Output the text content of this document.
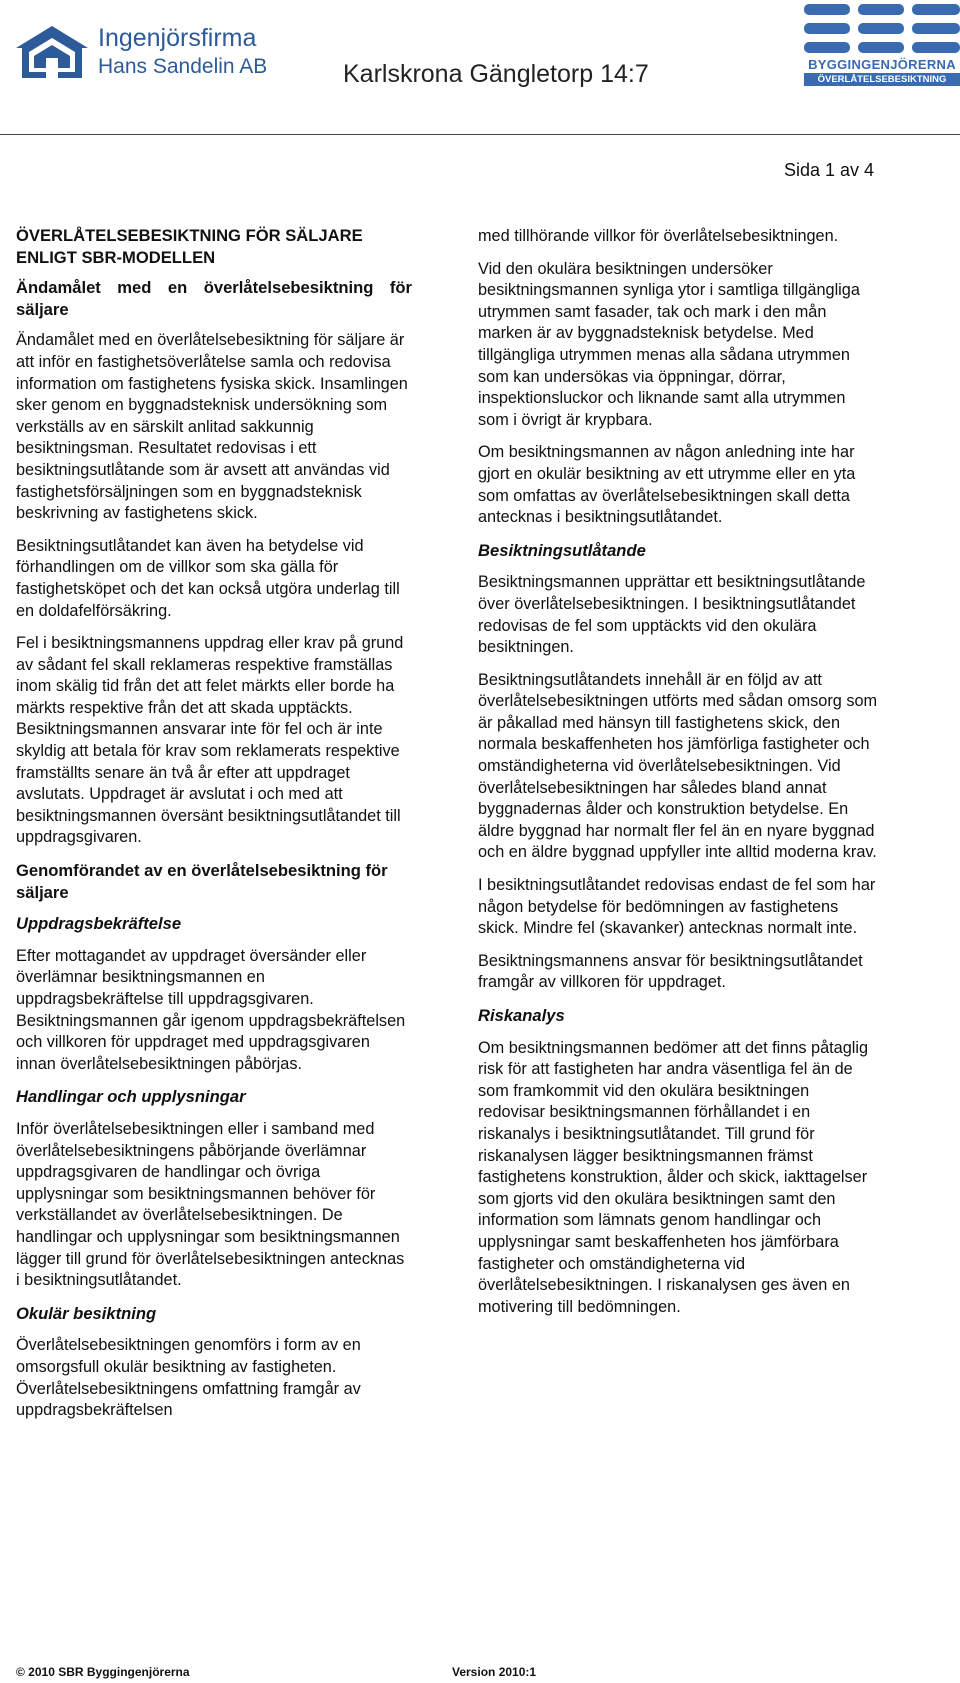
Ingenjörsfirma
Hans Sandelin AB	Karlskrona Gängletorp 14:7	BYGGINGENJÖRERNA
ÖVERLÅTELSEBESIKTNING
Sida 1 av 4
ÖVERLÅTELSEBESIKTNING FÖR SÄLJARE ENLIGT SBR-MODELLEN
Ändamålet med en överlåtelsebesiktning för säljare

Ändamålet med en överlåtelsebesiktning för säljare är att inför en fastighetsöverlåtelse samla och redovisa information om fastighetens fysiska skick. Insamlingen sker genom en byggnadsteknisk undersökning som verkställs av en särskilt anlitad sakkunnig besiktningsman. Resultatet redovisas i ett besiktningsutlåtande som är avsett att användas vid fastighetsförsäljningen som en byggnadsteknisk beskrivning av fastighetens skick.

Besiktningsutlåtandet kan även ha betydelse vid förhandlingen om de villkor som ska gälla för fastighetsköpet och det kan också utgöra underlag till en doldafelförsäkring.

Fel i besiktningsmannens uppdrag eller krav på grund av sådant fel skall reklameras respektive framställas inom skälig tid från det att felet märkts eller borde ha märkts respektive från det att skada upptäckts. Besiktningsmannen ansvarar inte för fel och är inte skyldig att betala för krav som reklamerats respektive framställts senare än två år efter att uppdraget avslutats. Uppdraget är avslutat i och med att besiktningsmannen översänt besiktningsutlåtandet till uppdragsgivaren.

Genomförandet av en överlåtelsebesiktning för säljare
Uppdragsbekräftelse

Efter mottagandet av uppdraget översänder eller överlämnar besiktningsmannen en uppdragsbekräftelse till uppdragsgivaren. Besiktningsmannen går igenom uppdragsbekräftelsen och villkoren för uppdraget med uppdragsgivaren innan överlåtelsebesiktningen påbörjas.

Handlingar och upplysningar

Inför överlåtelsebesiktningen eller i samband med överlåtelsebesiktningens påbörjande överlämnar uppdragsgivaren de handlingar och övriga upplysningar som besiktningsmannen behöver för verkställandet av överlåtelsebesiktningen. De handlingar och upplysningar som besiktningsmannen lägger till grund för överlåtelsebesiktningen antecknas i besiktningsutlåtandet.

Okulär besiktning

Överlåtelsebesiktningen genomförs i form av en omsorgsfull okulär besiktning av fastigheten. Överlåtelsebesiktningens omfattning framgår av uppdragsbekräftelsen

med tillhörande villkor för överlåtelsebesiktningen.

Vid den okulära besiktningen undersöker besiktningsmannen synliga ytor i samtliga tillgängliga utrymmen samt fasader, tak och mark i den mån marken är av byggnadsteknisk betydelse. Med tillgängliga utrymmen menas alla sådana utrymmen som kan undersökas via öppningar, dörrar, inspektionsluckor och liknande samt alla utrymmen som i övrigt är krypbara.

Om besiktningsmannen av någon anledning inte har gjort en okulär besiktning av ett utrymme eller en yta som omfattas av överlåtelsebesiktningen skall detta antecknas i besiktningsutlåtandet.

Besiktningsutlåtande

Besiktningsmannen upprättar ett besiktningsutlåtande över överlåtelsebesiktningen. I besiktningsutlåtandet redovisas de fel som upptäckts vid den okulära besiktningen.

Besiktningsutlåtandets innehåll är en följd av att överlåtelsebesiktningen utförts med sådan omsorg som är påkallad med hänsyn till fastighetens skick, den normala beskaffenheten hos jämförliga fastigheter och omständigheterna vid överlåtelsebesiktningen. Vid överlåtelsebesiktningen har således bland annat byggnadernas ålder och konstruktion betydelse. En äldre byggnad har normalt fler fel än en nyare byggnad och en äldre byggnad uppfyller inte alltid moderna krav.

I besiktningsutlåtandet redovisas endast de fel som har någon betydelse för bedömningen av fastighetens skick. Mindre fel (skavanker) antecknas normalt inte.

Besiktningsmannens ansvar för besiktningsutlåtandet framgår av villkoren för uppdraget.

Riskanalys

Om besiktningsmannen bedömer att det finns påtaglig risk för att fastigheten har andra väsentliga fel än de som framkommit vid den okulära besiktningen redovisar besiktningsmannen förhållandet i en riskanalys i besiktningsutlåtandet. Till grund för riskanalysen lägger besiktningsmannen främst fastighetens konstruktion, ålder och skick, iakttagelser som gjorts vid den okulära besiktningen samt den information som lämnats genom handlingar och upplysningar samt beskaffenheten hos jämförbara fastigheter och omständigheterna vid överlåtelsebesiktningen. I riskanalysen ges även en motivering till bedömningen.

© 2010 SBR Byggingenjörerna	Version 2010:1
